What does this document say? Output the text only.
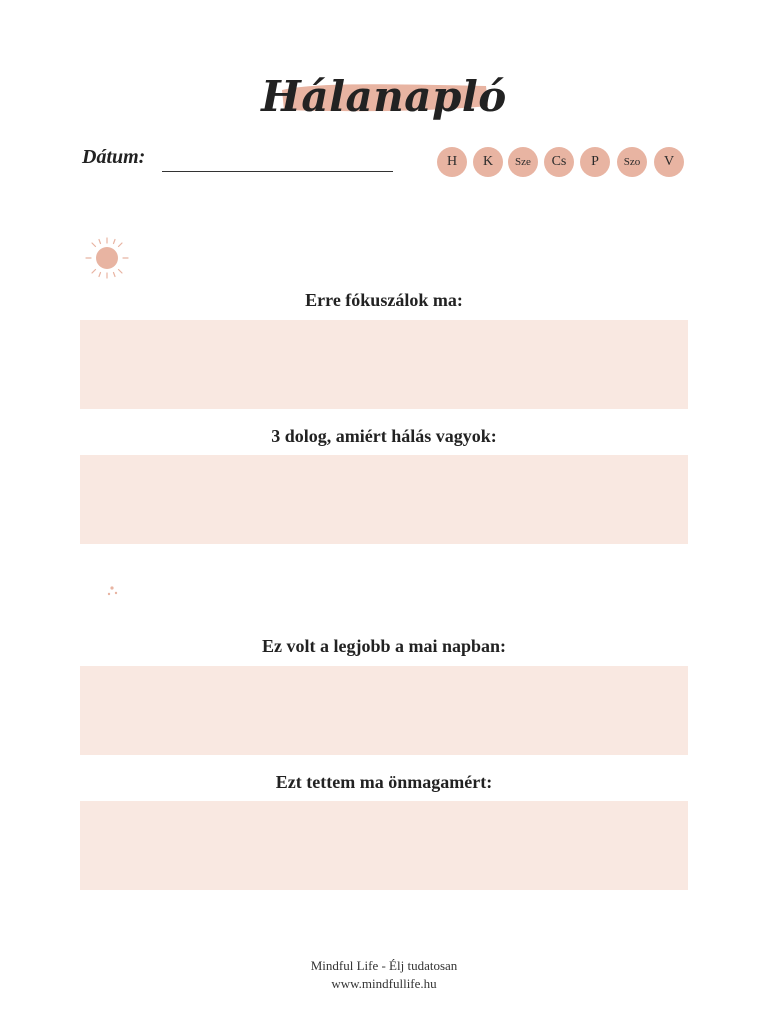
Hálanapló
Dátum:	H	K	Sze	Cs	P	Szo	V
Erre fókuszálok ma:
3 dolog, amiért hálás vagyok:
Ez volt a legjobb a mai napban:
Ezt tettem ma önmagamért:
Mindful Life - Élj tudatosan
www.mindfullife.hu
